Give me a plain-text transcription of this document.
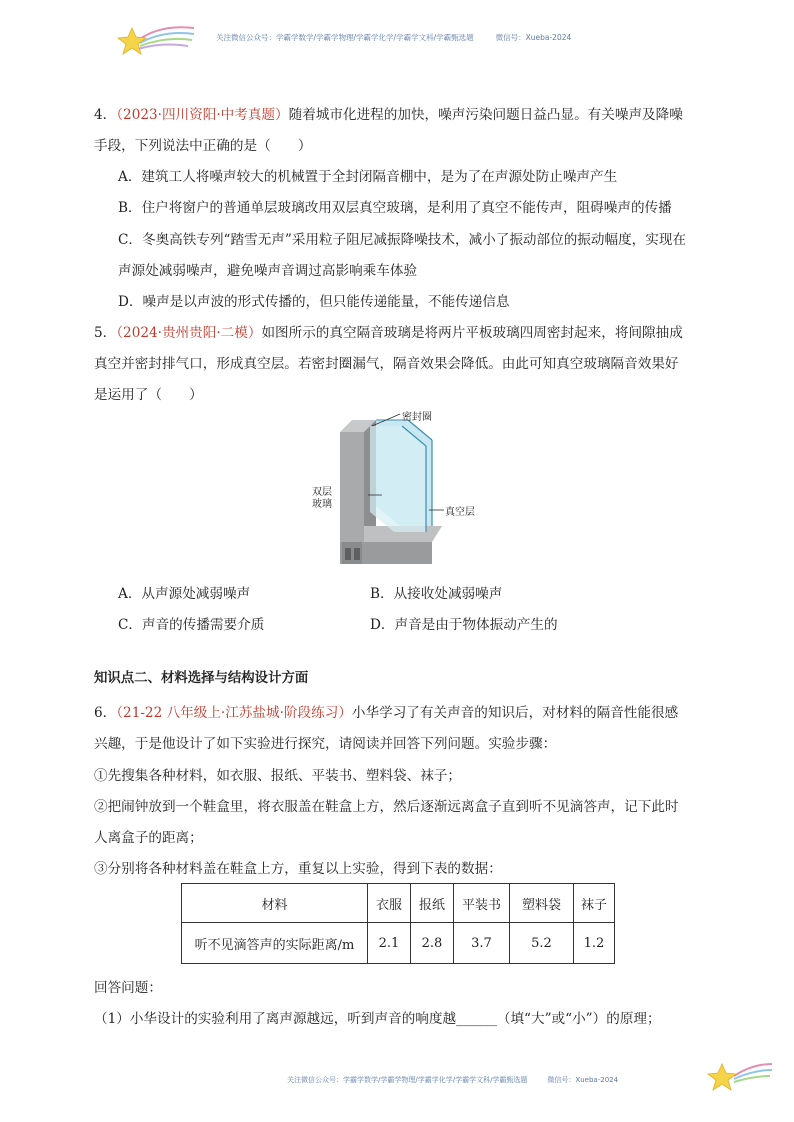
关注微信公众号：学霸学数学/学霸学物理/学霸学化学/学霸学文科/学霸甄选题	微信号：Xueba-2024
4．（2023·四川资阳·中考真题）随着城市化进程的加快，噪声污染问题日益凸显。有关噪声及降噪
手段，下列说法中正确的是（　　）
A．建筑工人将噪声较大的机械置于全封闭隔音棚中，是为了在声源处防止噪声产生
B．住户将窗户的普通单层玻璃改用双层真空玻璃，是利用了真空不能传声，阻碍噪声的传播
C．冬奥高铁专列“踏雪无声”采用粒子阻尼减振降噪技术，减小了振动部位的振动幅度，实现在
声源处减弱噪声，避免噪声音调过高影响乘车体验
D．噪声是以声波的形式传播的，但只能传递能量，不能传递信息
5．（2024·贵州贵阳·二模）如图所示的真空隔音玻璃是将两片平板玻璃四周密封起来，将间隙抽成
真空并密封排气口，形成真空层。若密封圈漏气，隔音效果会降低。由此可知真空玻璃隔音效果好
是运用了（　　）
密封圈
双层
玻璃
真空层
A．从声源处减弱噪声	B．从接收处减弱噪声
C．声音的传播需要介质	D．声音是由于物体振动产生的
知识点二、材料选择与结构设计方面
6．（21-22 八年级上·江苏盐城·阶段练习）小华学习了有关声音的知识后，对材料的隔音性能很感
兴趣，于是他设计了如下实验进行探究，请阅读并回答下列问题。实验步骤：
①先搜集各种材料，如衣服、报纸、平装书、塑料袋、袜子；
②把闹钟放到一个鞋盒里，将衣服盖在鞋盒上方，然后逐渐远离盒子直到听不见滴答声，记下此时
人离盒子的距离；
③分别将各种材料盖在鞋盒上方，重复以上实验，得到下表的数据：
材料	衣服	报纸	平装书	塑料袋	袜子
听不见滴答声的实际距离/m	2.1	2.8	3.7	5.2	1.2
回答问题：
（1）小华设计的实验利用了离声源越远，听到声音的响度越______（填“大”或“小”）的原理；
关注微信公众号：学霸学数学/学霸学物理/学霸学化学/学霸学文科/学霸甄选题	微信号：Xueba-2024
